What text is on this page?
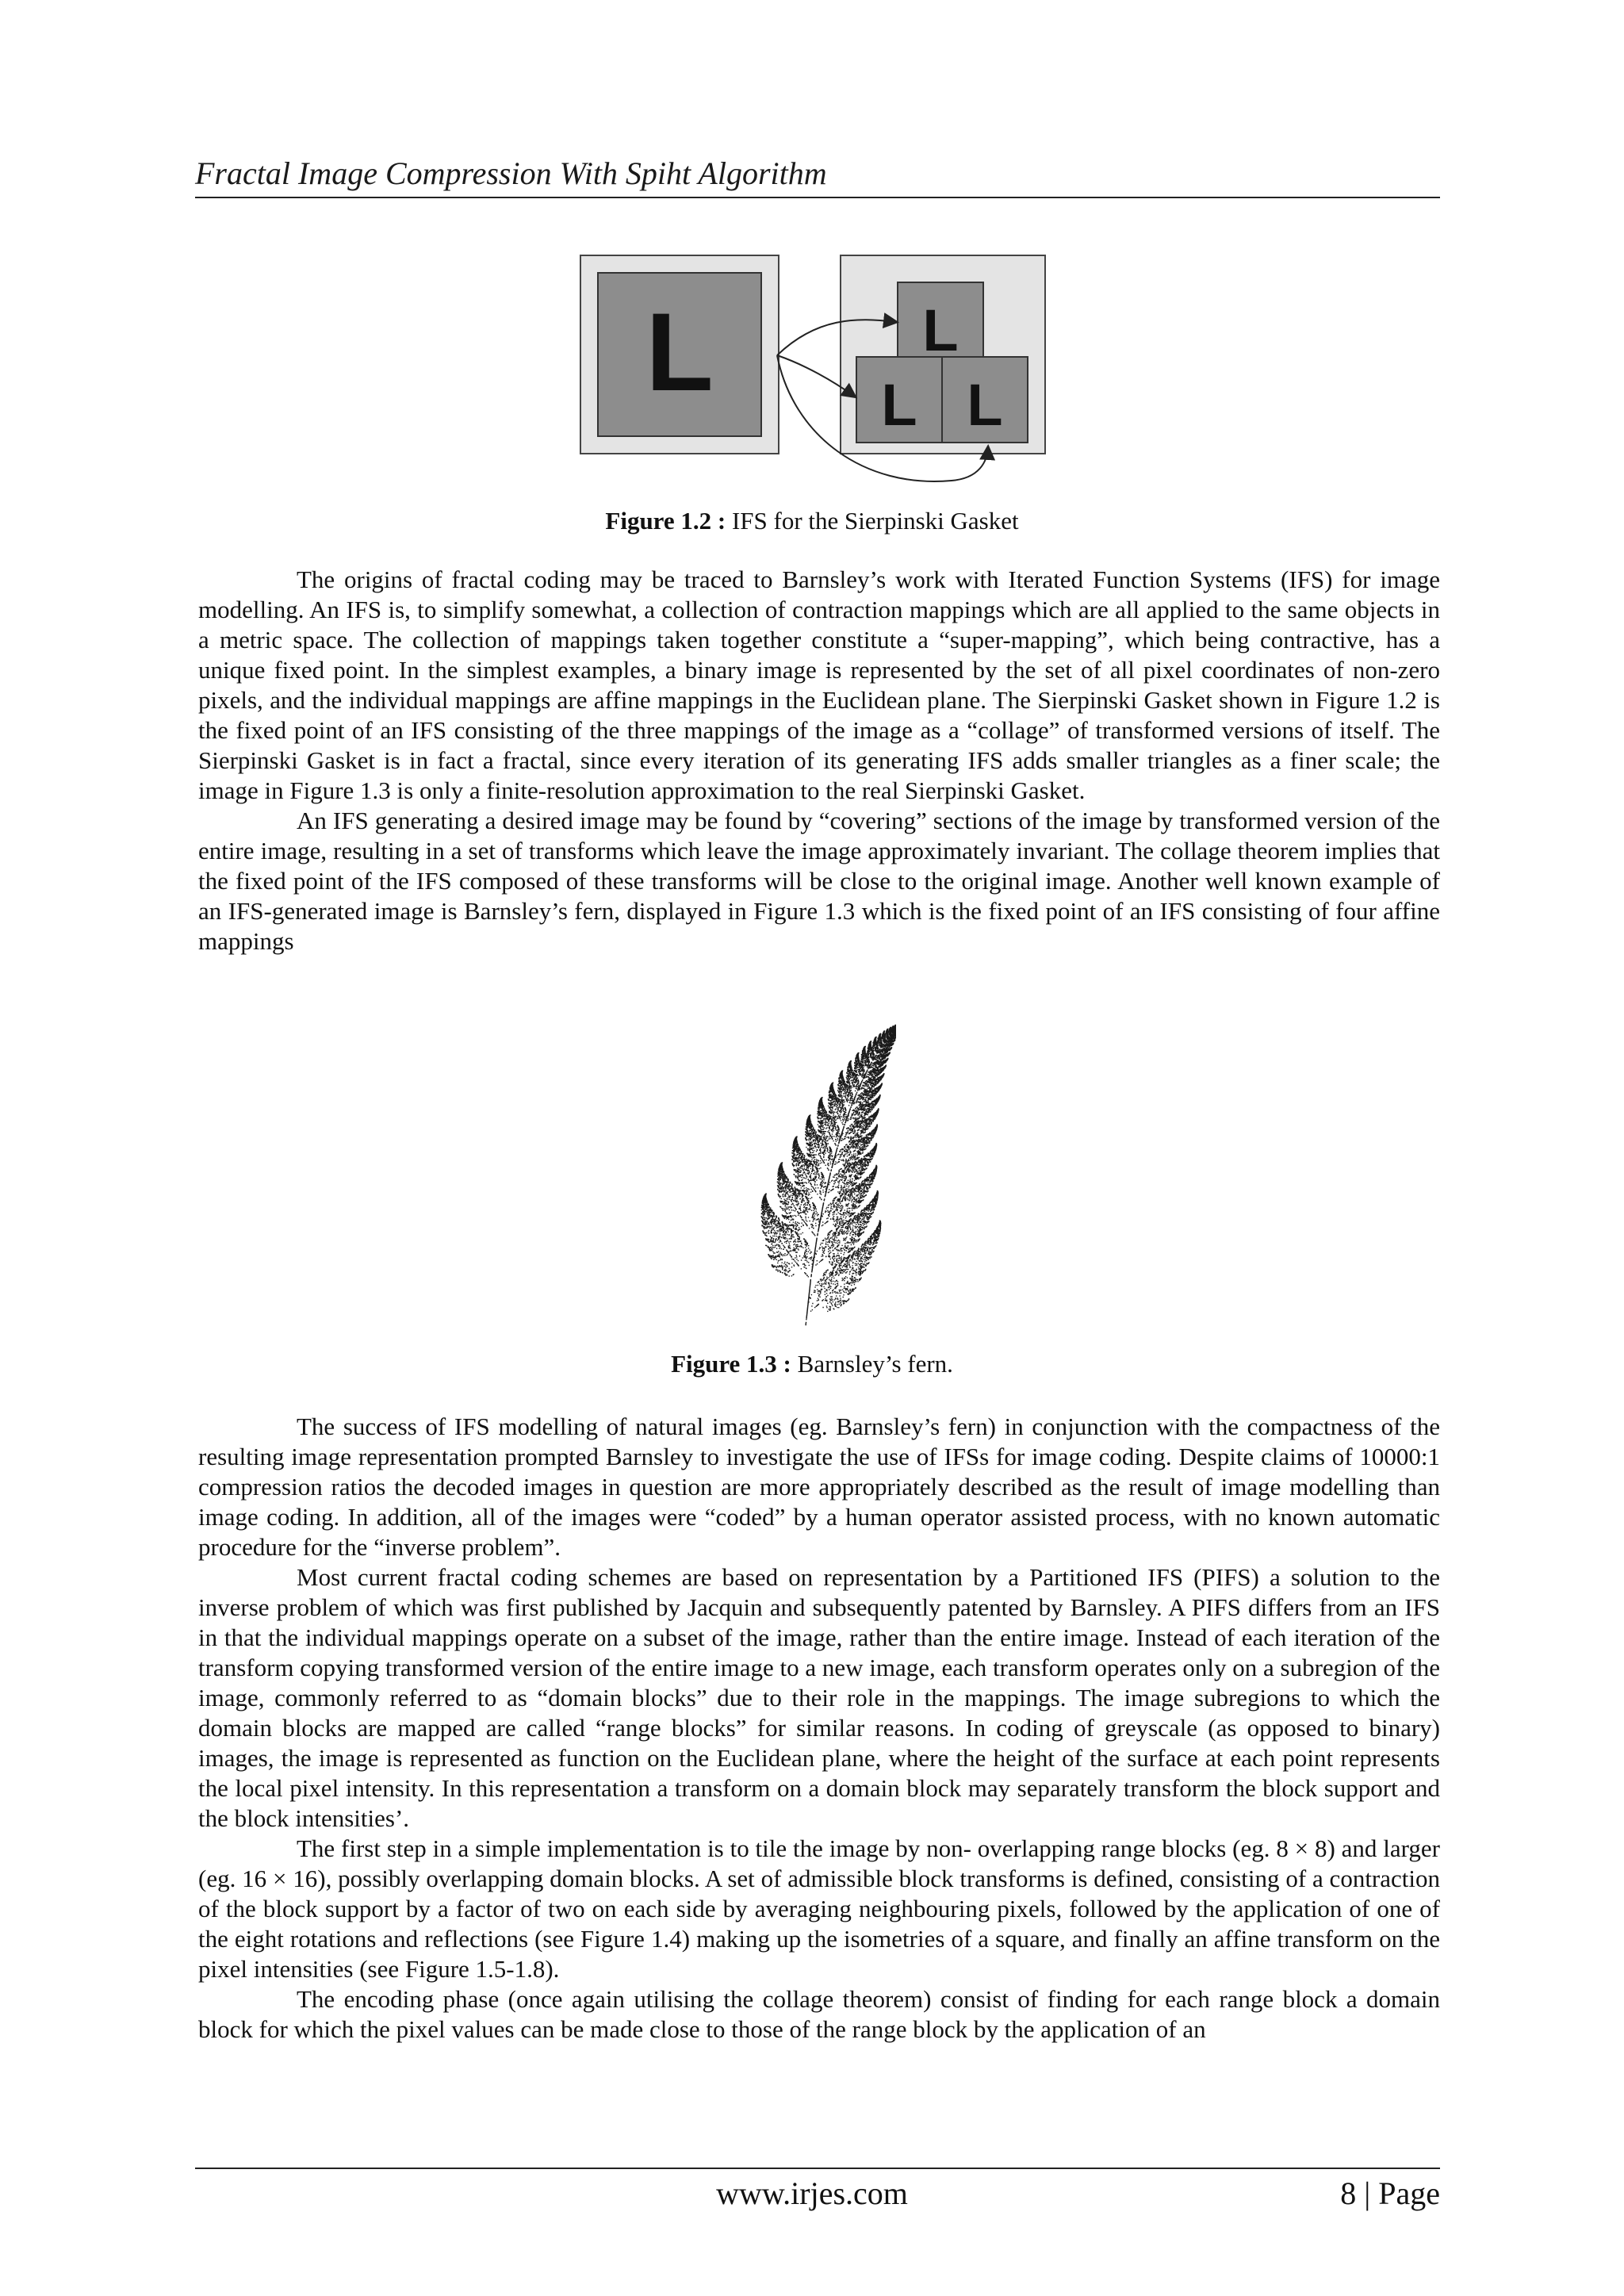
Fractal Image Compression With Spiht Algorithm
L	L
L L
Figure 1.2 : IFS for the Sierpinski Gasket

The origins of fractal coding may be traced to Barnsley’s work with Iterated Function Systems (IFS) for image modelling. An IFS is, to simplify somewhat, a collection of contraction mappings which are all applied to the same objects in a metric space. The collection of mappings taken together constitute a “super-mapping”, which being contractive, has a unique fixed point. In the simplest examples, a binary image is represented by the set of all pixel coordinates of non-zero pixels, and the individual mappings are affine mappings in the Euclidean plane. The Sierpinski Gasket shown in Figure 1.2 is the fixed point of an IFS consisting of the three mappings of the image as a “collage” of transformed versions of itself. The Sierpinski Gasket is in fact a fractal, since every iteration of its generating IFS adds smaller triangles as a finer scale; the image in Figure 1.3 is only a finite-resolution approximation to the real Sierpinski Gasket.

An IFS generating a desired image may be found by “covering” sections of the image by transformed version of the entire image, resulting in a set of transforms which leave the image approximately invariant. The collage theorem implies that the fixed point of the IFS composed of these transforms will be close to the original image. Another well known example of an IFS-generated image is Barnsley’s fern, displayed in Figure 1.3 which is the fixed point of an IFS consisting of four affine mappings

Figure 1.3 : Barnsley’s fern.

The success of IFS modelling of natural images (eg. Barnsley’s fern) in conjunction with the compactness of the resulting image representation prompted Barnsley to investigate the use of IFSs for image coding. Despite claims of 10000:1 compression ratios the decoded images in question are more appropriately described as the result of image modelling than image coding. In addition, all of the images were “coded” by a human operator assisted process, with no known automatic procedure for the “inverse problem”.

Most current fractal coding schemes are based on representation by a Partitioned IFS (PIFS) a solution to the inverse problem of which was first published by Jacquin and subsequently patented by Barnsley. A PIFS differs from an IFS in that the individual mappings operate on a subset of the image, rather than the entire image. Instead of each iteration of the transform copying transformed version of the entire image to a new image, each transform operates only on a subregion of the image, commonly referred to as “domain blocks” due to their role in the mappings. The image subregions to which the domain blocks are mapped are called “range blocks” for similar reasons. In coding of greyscale (as opposed to binary) images, the image is represented as function on the Euclidean plane, where the height of the surface at each point represents the local pixel intensity. In this representation a transform on a domain block may separately transform the block support and the block intensities’.

The first step in a simple implementation is to tile the image by non- overlapping range blocks (eg. 8 × 8) and larger (eg. 16 × 16), possibly overlapping domain blocks. A set of admissible block transforms is defined, consisting of a contraction of the block support by a factor of two on each side by averaging neighbouring pixels, followed by the application of one of the eight rotations and reflections (see Figure 1.4) making up the isometries of a square, and finally an affine transform on the pixel intensities (see Figure 1.5-1.8).

The encoding phase (once again utilising the collage theorem) consist of finding for each range block a domain block for which the pixel values can be made close to those of the range block by the application of an

www.irjes.com	8 | Page
